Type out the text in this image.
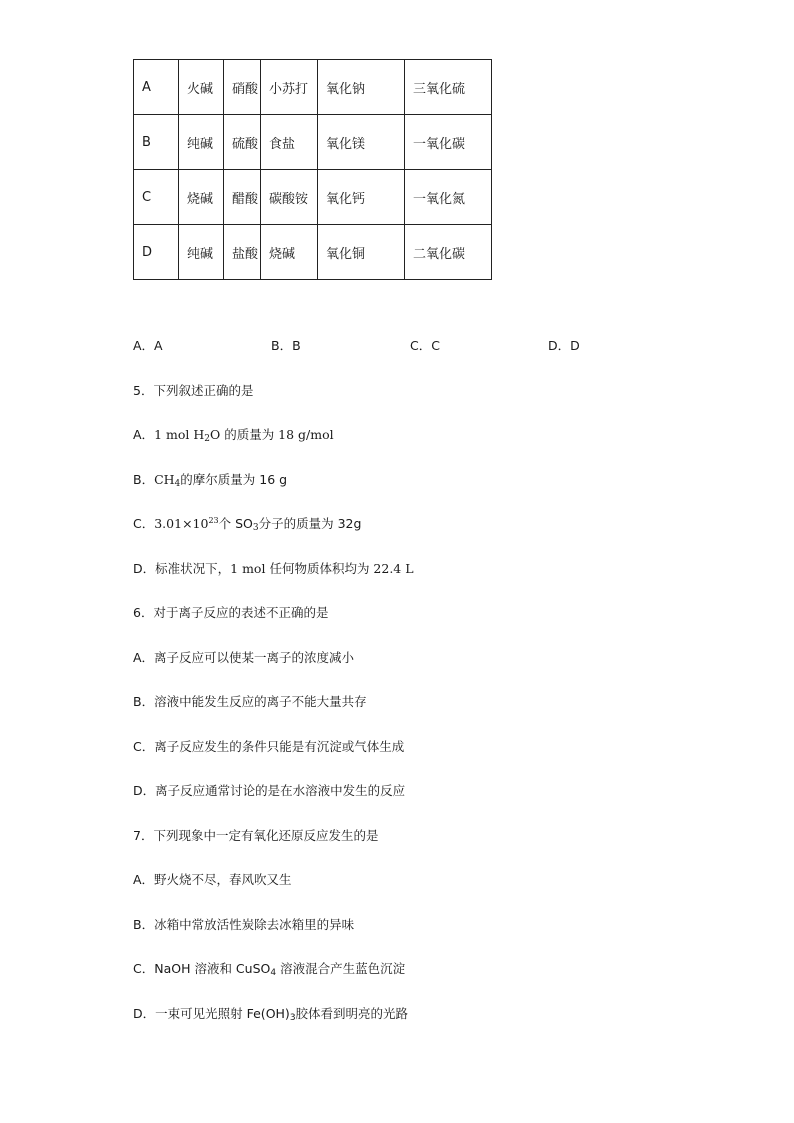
A	火碱	硝酸	小苏打	氧化钠	三氧化硫
B	纯碱	硫酸	食盐	氧化镁	一氧化碳
C	烧碱	醋酸	碳酸铵	氧化钙	一氧化氮
D	纯碱	盐酸	烧碱	氧化铜	二氧化碳
A．A	B．B	C．C	D．D
5．下列叙述正确的是
A．1 mol $H_2O$ 的质量为 18 g/mol
B．$CH_4$的摩尔质量为 16 g
C．$3.01\times 10^{23}$个 $SO_3$分子的质量为 32g
D．标准状况下，1 mol 任何物质体积均为 22.4 L
6．对于离子反应的表述不正确的是
A．离子反应可以使某一离子的浓度减小
B．溶液中能发生反应的离子不能大量共存
C．离子反应发生的条件只能是有沉淀或气体生成
D．离子反应通常讨论的是在水溶液中发生的反应
7．下列现象中一定有氧化还原反应发生的是
A．野火烧不尽，春风吹又生
B．冰箱中常放活性炭除去冰箱里的异味
C．NaOH 溶液和 CuSO$_4$ 溶液混合产生蓝色沉淀
D．一束可见光照射 $Fe(OH)_3$胶体看到明亮的光路
